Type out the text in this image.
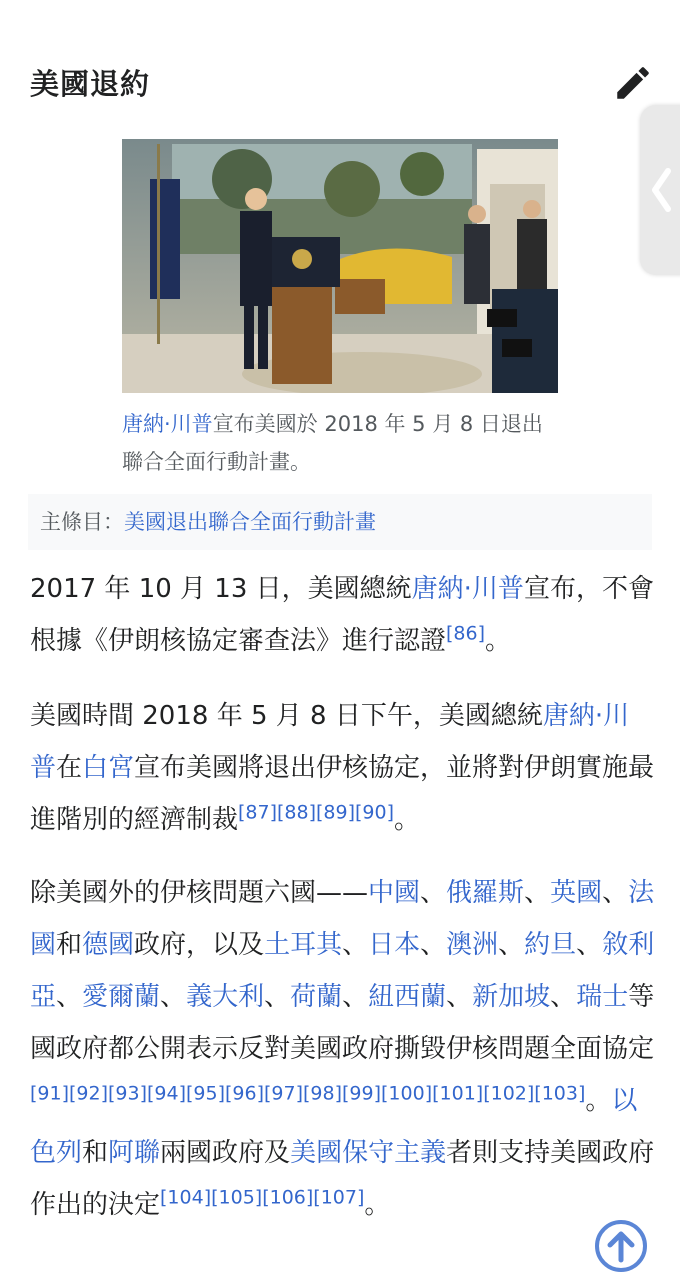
美國退約
唐納·川普宣布美國於 2018 年 5 月 8 日退出聯合全面行動計畫。
主條目：美國退出聯合全面行動計畫
2017 年 10 月 13 日，美國總統唐納·川普宣布，不會根據《伊朗核協定審查法》進行認證[86]。
美國時間 2018 年 5 月 8 日下午，美國總統唐納·川普在白宮宣布美國將退出伊核協定，並將對伊朗實施最進階別的經濟制裁[87][88][89][90]。
除美國外的伊核問題六國——中國、俄羅斯、英國、法國和德國政府，以及土耳其、日本、澳洲、約旦、敘利亞、愛爾蘭、義大利、荷蘭、紐西蘭、新加坡、瑞士等國政府都公開表示反對美國政府撕毀伊核問題全面協定[91][92][93][94][95][96][97][98][99][100][101][102][103]。以色列和阿聯兩國政府及美國保守主義者則支持美國政府作出的決定[104][105][106][107]。
